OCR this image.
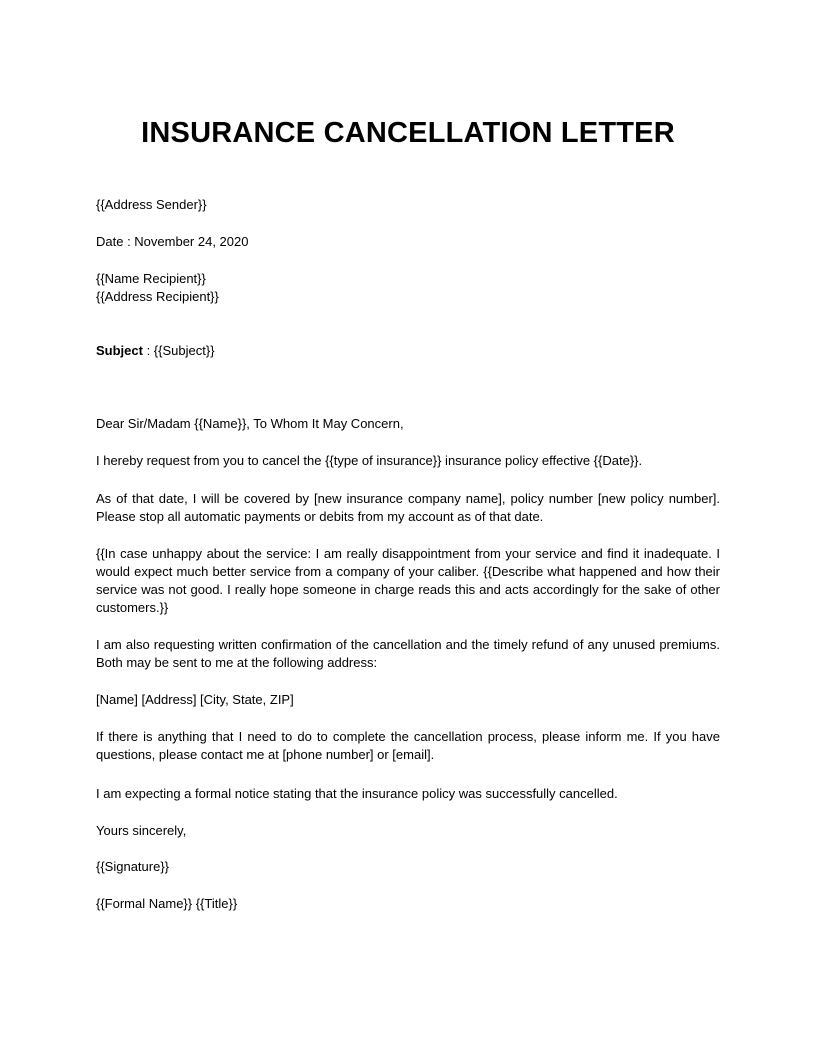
INSURANCE CANCELLATION LETTER
{{Address Sender}}
Date : November 24, 2020
{{Name Recipient}}
{{Address Recipient}}
Subject : {{Subject}}
Dear Sir/Madam {{Name}}, To Whom It May Concern,
I hereby request from you to cancel the {{type of insurance}} insurance policy effective {{Date}}.
As of that date, I will be covered by [new insurance company name], policy number [new policy number]. Please stop all automatic payments or debits from my account as of that date.
{{In case unhappy about the service: I am really disappointment from your service and find it inadequate. I would expect much better service from a company of your caliber. {{Describe what happened and how their service was not good. I really hope someone in charge reads this and acts accordingly for the sake of other customers.}}
I am also requesting written confirmation of the cancellation and the timely refund of any unused premiums. Both may be sent to me at the following address:
[Name] [Address] [City, State, ZIP]
If there is anything that I need to do to complete the cancellation process, please inform me. If you have questions, please contact me at [phone number] or [email].
I am expecting a formal notice stating that the insurance policy was successfully cancelled.
Yours sincerely,
{{Signature}}
{{Formal Name}} {{Title}}
